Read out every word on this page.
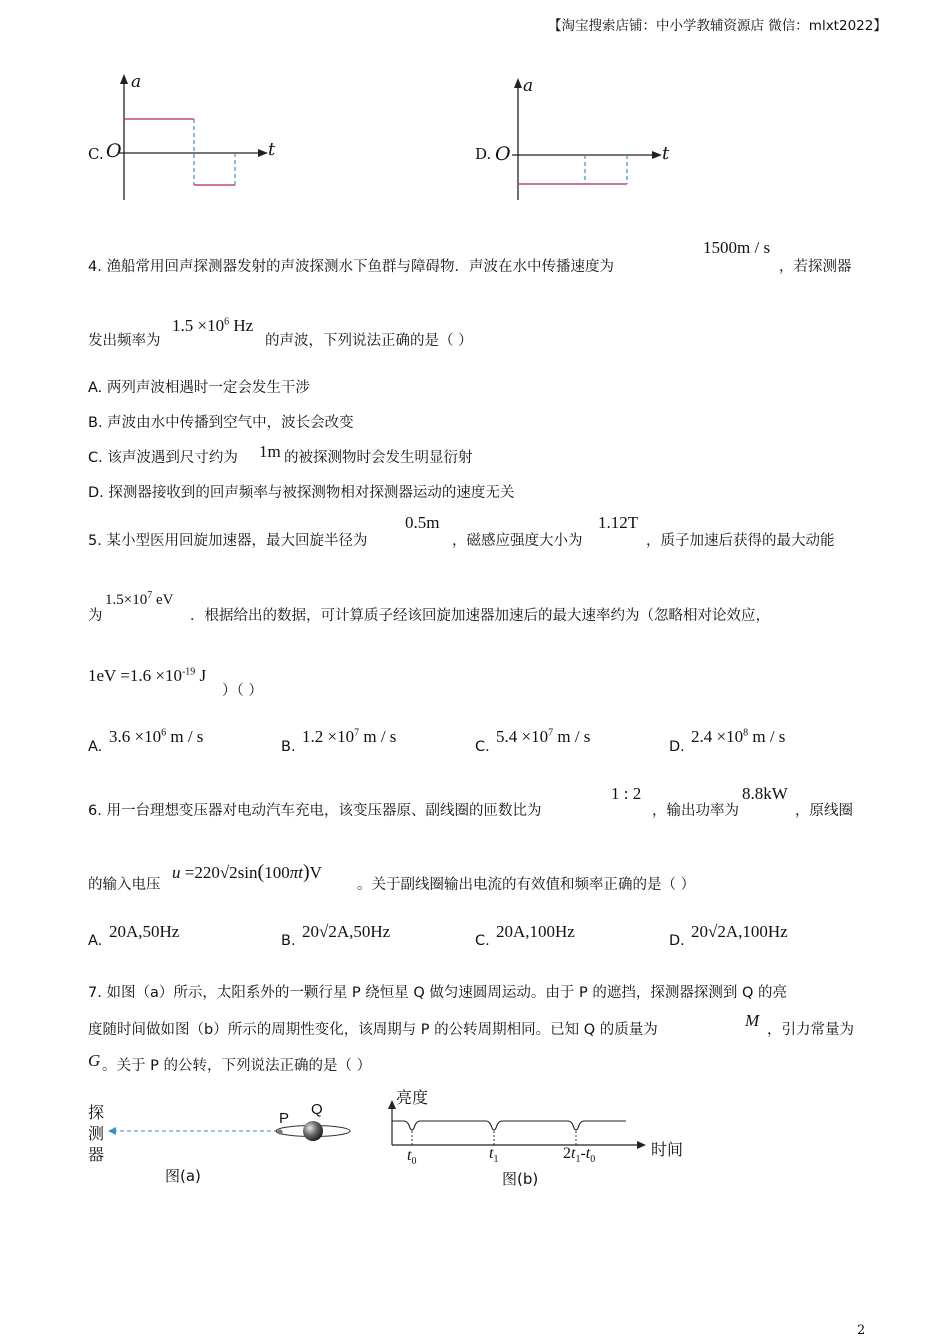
【淘宝搜索店铺：中小学教辅资源店 微信：mlxt2022】
C. O
a
t	D. O
a
t
4. 渔船常用回声探测器发射的声波探测水下鱼群与障碍物．声波在水中传播速度为
1500m / s
，若探测器
发出频率为
$1.5 \times 10^6$ Hz
的声波，下列说法正确的是（ ）
A. 两列声波相遇时一定会发生干涉
B. 声波由水中传播到空气中，波长会改变
C. 该声波遇到尺寸约为 1m 的被探测物时会发生明显衍射
D. 探测器接收到的回声频率与被探测物相对探测器运动的速度无关
5. 某小型医用回旋加速器，最大回旋半径为
0.5m
，磁感应强度大小为
1.12T
，质子加速后获得的最大动能
为
$1.5\times 10^7$ eV
．根据给出的数据，可计算质子经该回旋加速器加速后的最大速率约为（忽略相对论效应，
$1eV =1.6 \times 10^{-19}$ J
）（ ）
A.
$3.6 \times 10^6$ m / s
B.
$1.2 \times 10^7$ m / s
C.
$5.4 \times 10^7$ m / s
D.
$2.4 \times 10^8$ m / s
6. 用一台理想变压器对电动汽车充电，该变压器原、副线圈的匝数比为
1 : 2
，输出功率为
8.8kW
，原线圈
的输入电压
u =220√2sin(100πt)V
。关于副线圈输出电流的有效值和频率正确的是（ ）
A. 20A,50Hz	B. 20√2A,50Hz	C. 20A,100Hz	D. 20√2A,100Hz
7. 如图（a）所示，太阳系外的一颗行星 P 绕恒星 Q 做匀速圆周运动。由于 P 的遮挡，探测器探测到 Q 的亮
度随时间做如图（b）所示的周期性变化，该周期与 P 的公转周期相同。已知 Q 的质量为	M ，引力常量为
G 。关于 P 的公转，下列说法正确的是（ ）
探
测
器
P
Q
图(a)
亮度
时间
$t_0$	$t_1$	$2t_1-t_0$
图(b)
2
